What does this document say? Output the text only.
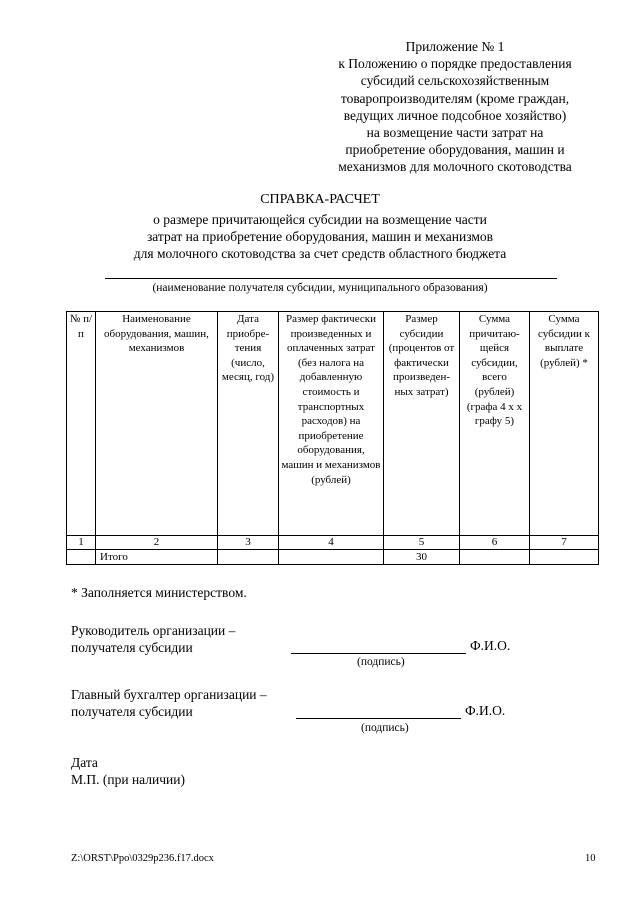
Приложение № 1
к Положению о порядке предоставления
субсидий сельскохозяйственным
товаропроизводителям (кроме граждан,
ведущих личное подсобное хозяйство)
на возмещение части затрат на
приобретение оборудования, машин и
механизмов для молочного скотоводства
СПРАВКА-РАСЧЕТ
о размере причитающейся субсидии на возмещение части
затрат на приобретение оборудования, машин и механизмов
для молочного скотоводства за счет средств областного бюджета
(наименование получателя субсидии, муниципального образования)
№ п/п	Наименование оборудования, машин, механизмов	Дата приобре-тения (число, месяц, год)	Размер фактически произведенных и оплаченных затрат (без налога на добавленную стоимость и транспортных расходов) на приобретение оборудования, машин и механизмов (рублей)	Размер субсидии (процентов от фактически произведен-ных затрат)	Сумма причитаю-щейся субсидии, всего (рублей) (графа 4 х х графу 5)	Сумма субсидии к выплате (рублей) *
1	2	3	4	5	6	7
	Итого			30		
* Заполняется министерством.
Руководитель организации –
получателя субсидии	Ф.И.О.
(подпись)
Главный бухгалтер организации –
получателя субсидии	Ф.И.О.
(подпись)
Дата
М.П. (при наличии)
Z:\ORST\Ppo\0329p236.f17.docx	10
